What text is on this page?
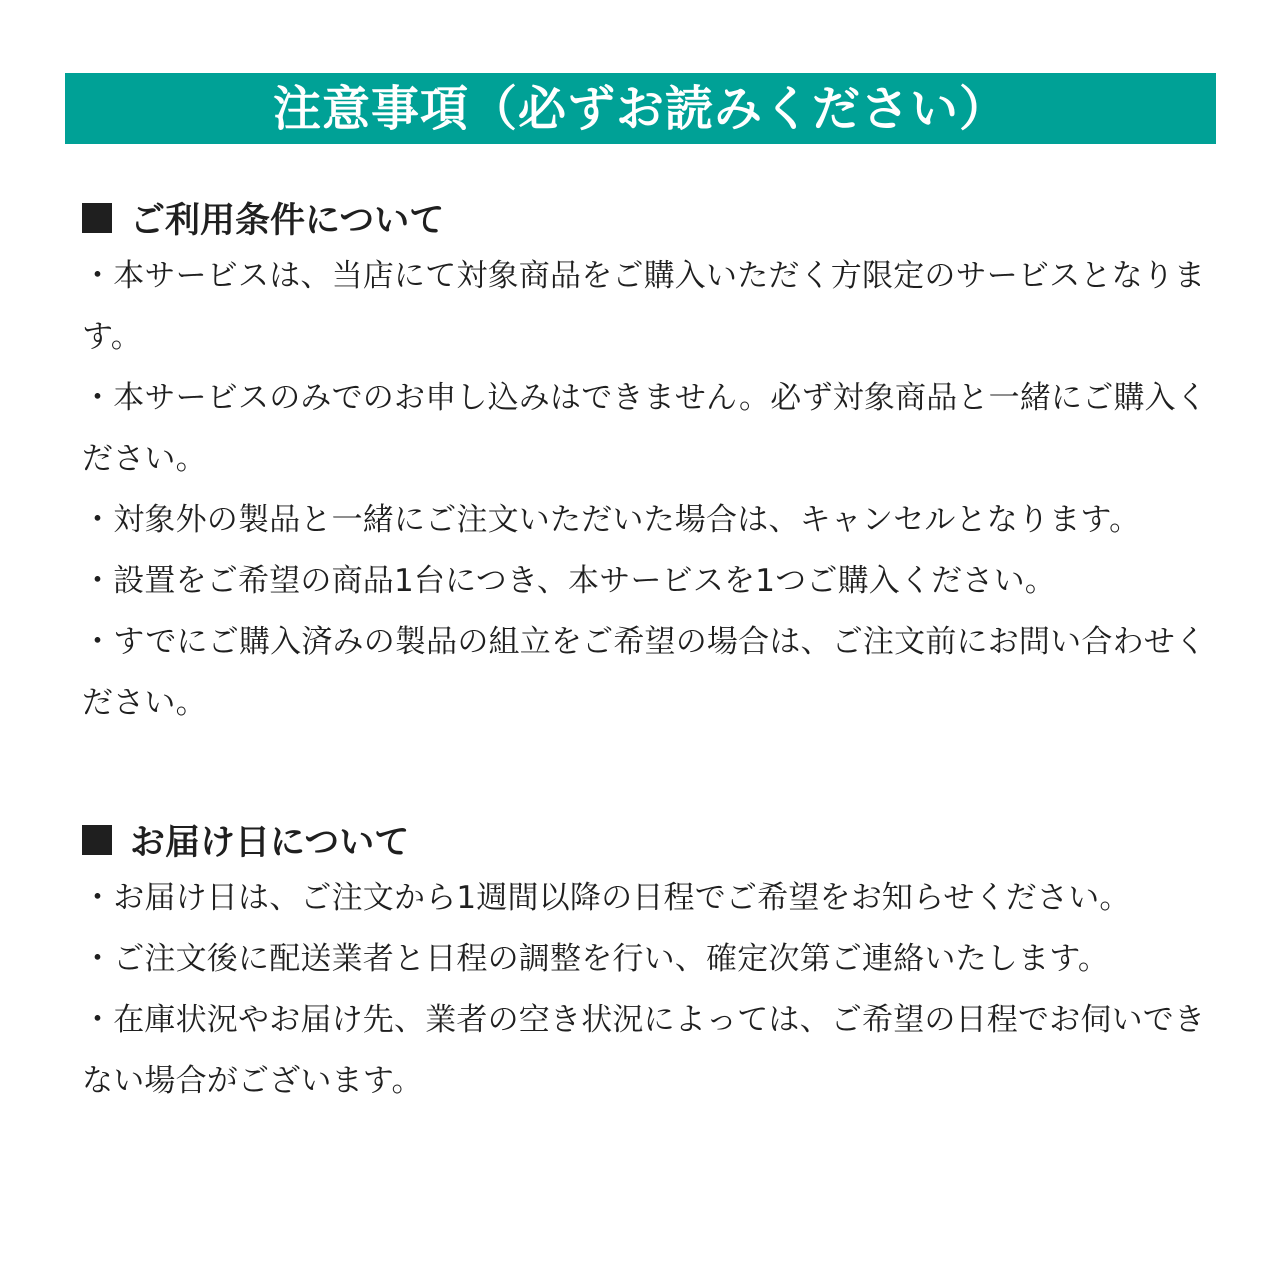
注意事項（必ずお読みください）
ご利用条件について
・本サービスは、当店にて対象商品をご購入いただく方限定のサービスとなります。
・本サービスのみでのお申し込みはできません。必ず対象商品と一緒にご購入ください。
・対象外の製品と一緒にご注文いただいた場合は、キャンセルとなります。
・設置をご希望の商品1台につき、本サービスを1つご購入ください。
・すでにご購入済みの製品の組立をご希望の場合は、ご注文前にお問い合わせください。
お届け日について
・お届け日は、ご注文から1週間以降の日程でご希望をお知らせください。
・ご注文後に配送業者と日程の調整を行い、確定次第ご連絡いたします。
・在庫状況やお届け先、業者の空き状況によっては、ご希望の日程でお伺いできない場合がございます。
